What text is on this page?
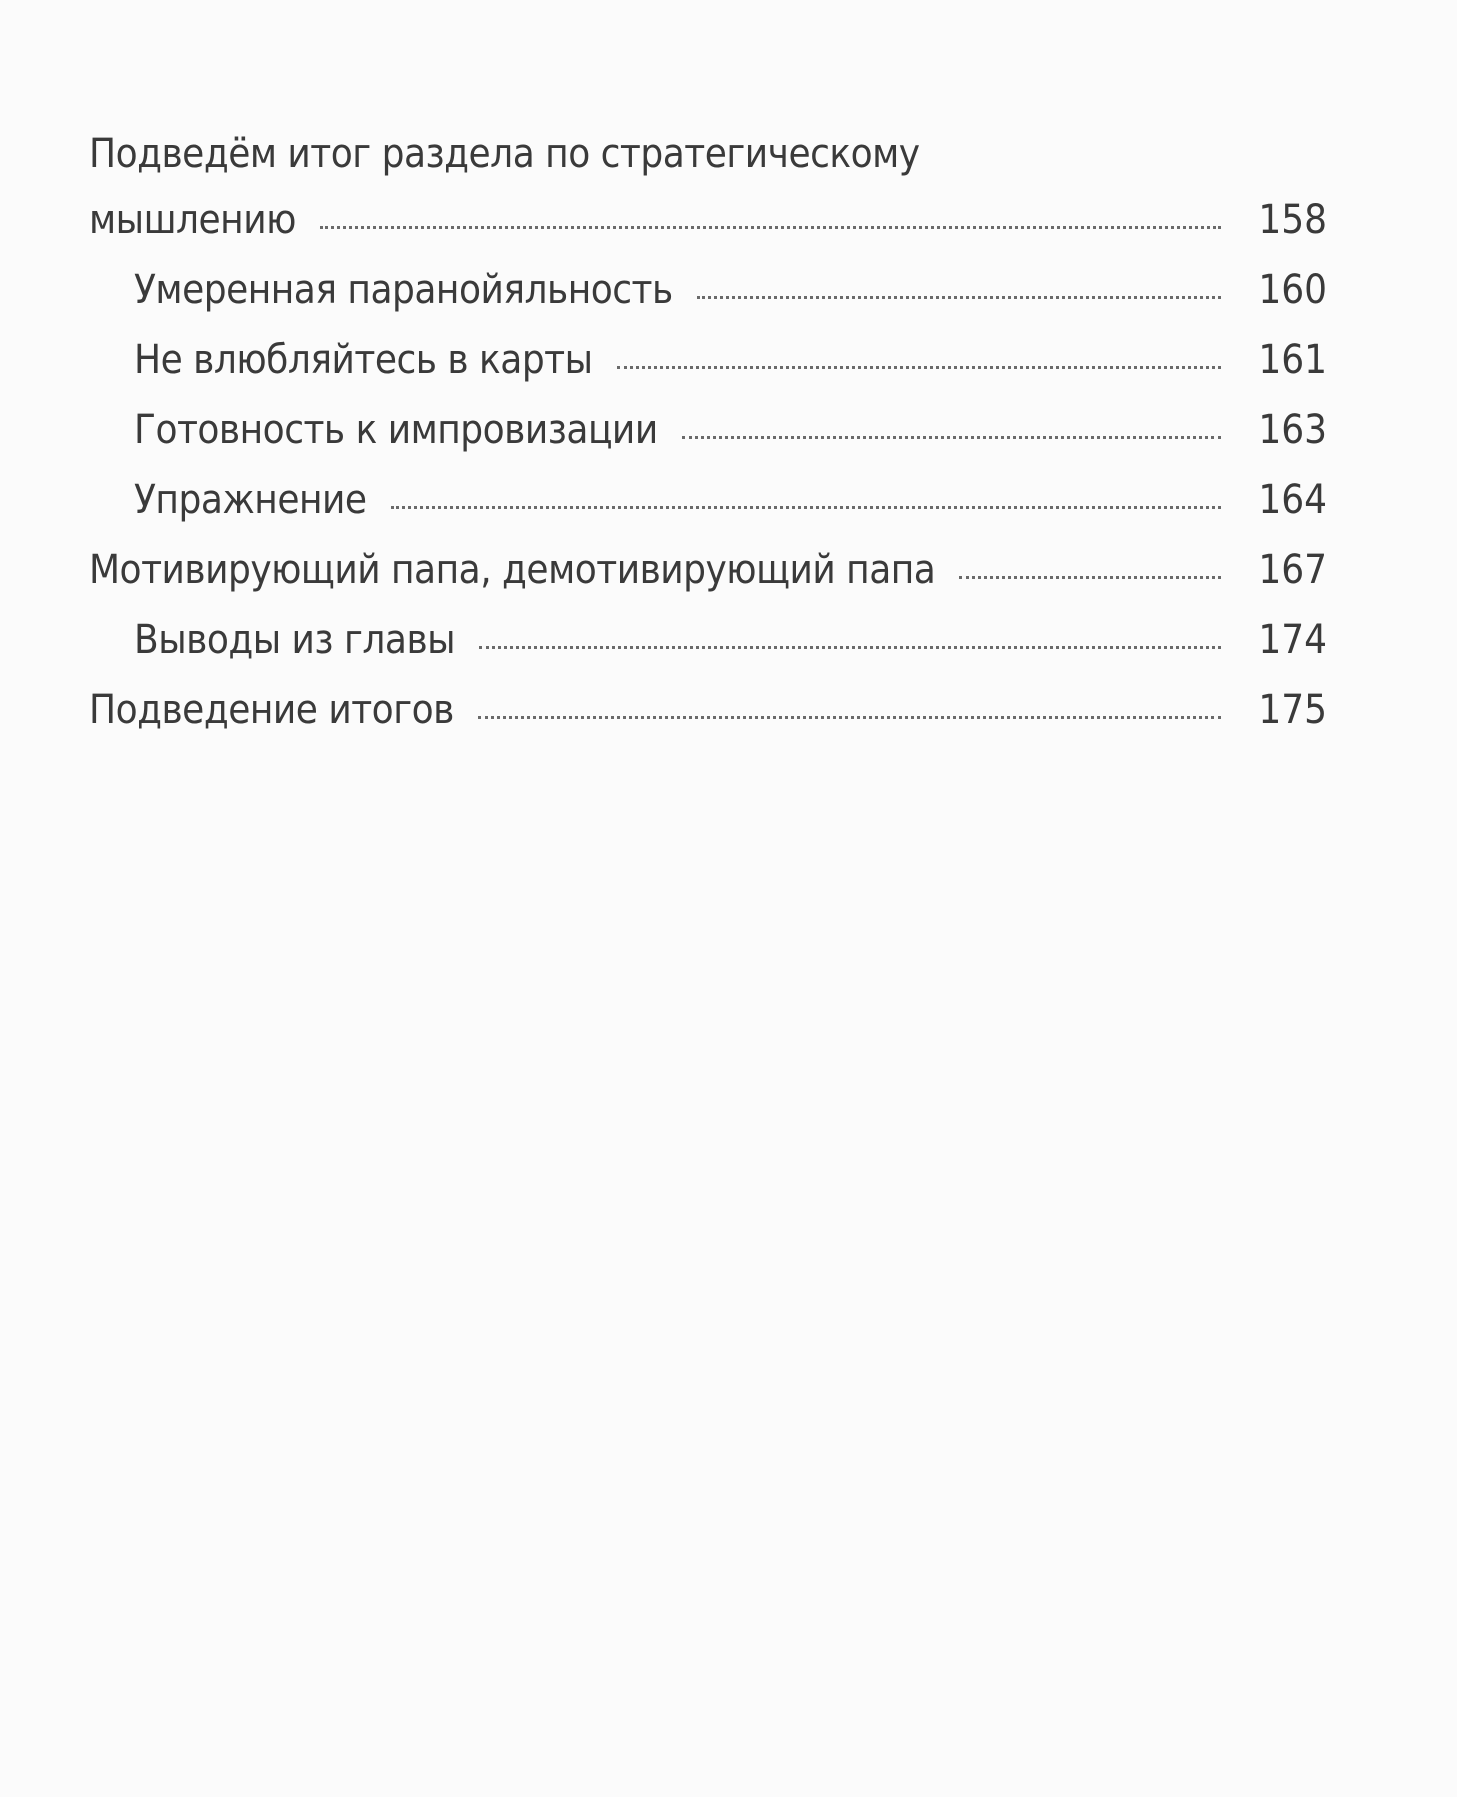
Подведём итог раздела по стратегическому
мышлению	158
Умеренная паранойяльность	160
Не влюбляйтесь в карты	161
Готовность к импровизации	163
Упражнение	164
Мотивирующий папа, демотивирующий папа	167
Выводы из главы	174
Подведение итогов	175
